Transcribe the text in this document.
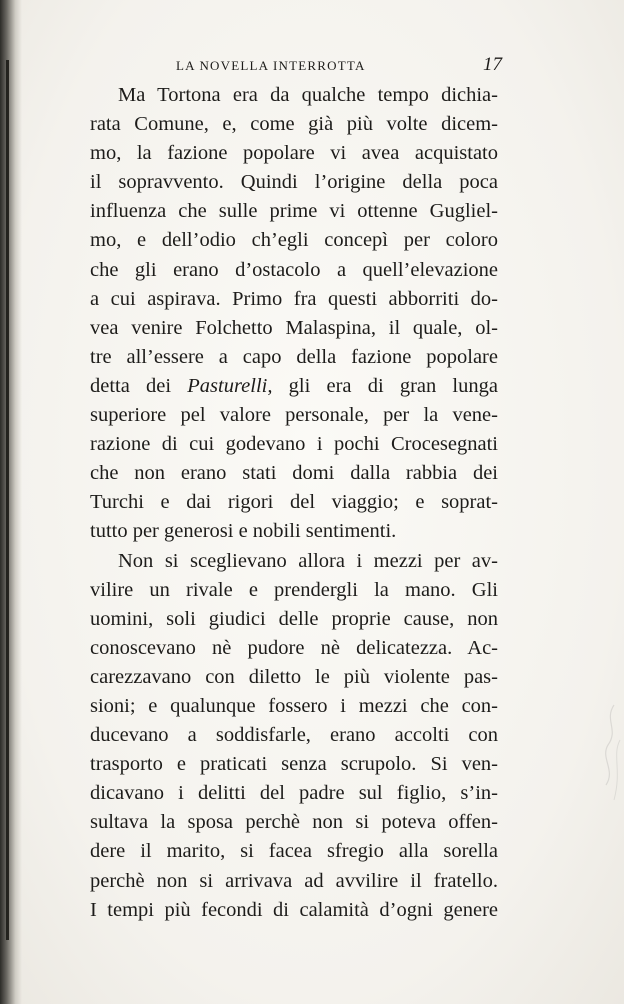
LA NOVELLA INTERROTTA	17
Ma Tortona era da qualche tempo dichia-
rata Comune, e, come già più volte dicem-
mo, la fazione popolare vi avea acquistato
il sopravvento. Quindi l’origine della poca
influenza che sulle prime vi ottenne Gugliel-
mo, e dell’odio ch’egli concepì per coloro
che gli erano d’ostacolo a quell’elevazione
a cui aspirava. Primo fra questi abborriti do-
vea venire Folchetto Malaspina, il quale, ol-
tre all’essere a capo della fazione popolare
detta dei Pasturelli, gli era di gran lunga
superiore pel valore personale, per la vene-
razione di cui godevano i pochi Crocesegnati
che non erano stati domi dalla rabbia dei
Turchi e dai rigori del viaggio; e soprat-
tutto per generosi e nobili sentimenti.
Non si sceglievano allora i mezzi per av-
vilire un rivale e prendergli la mano. Gli
uomini, soli giudici delle proprie cause, non
conoscevano nè pudore nè delicatezza. Ac-
carezzavano con diletto le più violente pas-
sioni; e qualunque fossero i mezzi che con-
ducevano a soddisfarle, erano accolti con
trasporto e praticati senza scrupolo. Si ven-
dicavano i delitti del padre sul figlio, s’in-
sultava la sposa perchè non si poteva offen-
dere il marito, si facea sfregio alla sorella
perchè non si arrivava ad avvilire il fratello.
I tempi più fecondi di calamità d’ogni genere
